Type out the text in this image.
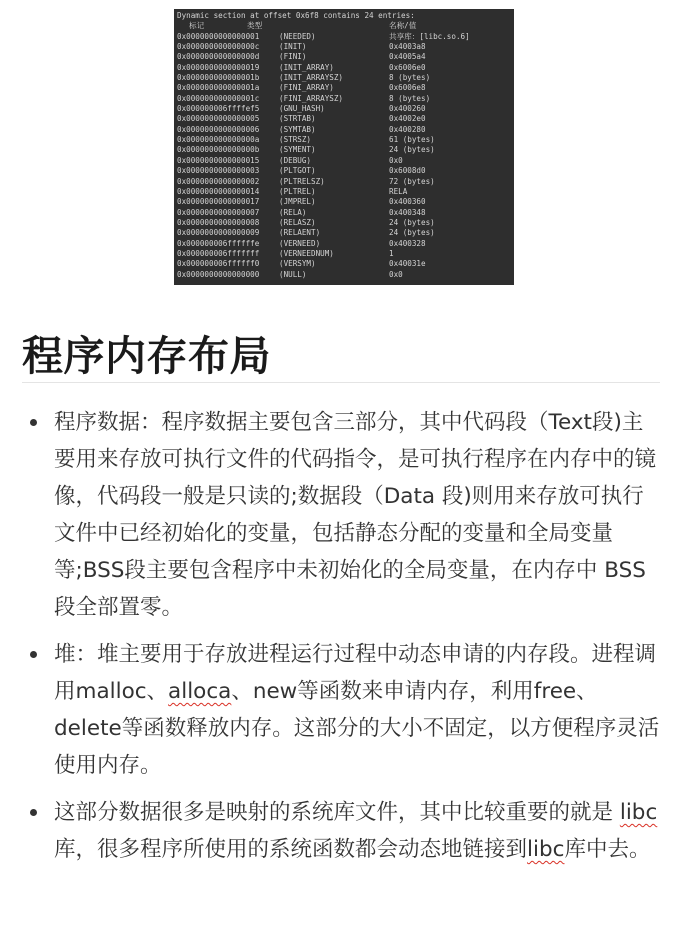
Dynamic section at offset 0x6f8 contains 24 entries:
标记	类型	名称/值
0x0000000000000001	(NEEDED)	共享库：[libc.so.6]
0x000000000000000c	(INIT)	0x4003a8
0x000000000000000d	(FINI)	0x4005a4
0x0000000000000019	(INIT_ARRAY)	0x6006e0
0x000000000000001b	(INIT_ARRAYSZ)	8 (bytes)
0x000000000000001a	(FINI_ARRAY)	0x6006e8
0x000000000000001c	(FINI_ARRAYSZ)	8 (bytes)
0x000000006ffffef5	(GNU_HASH)	0x400260
0x0000000000000005	(STRTAB)	0x4002e0
0x0000000000000006	(SYMTAB)	0x400280
0x000000000000000a	(STRSZ)	61 (bytes)
0x000000000000000b	(SYMENT)	24 (bytes)
0x0000000000000015	(DEBUG)	0x0
0x0000000000000003	(PLTGOT)	0x6008d0
0x0000000000000002	(PLTRELSZ)	72 (bytes)
0x0000000000000014	(PLTREL)	RELA
0x0000000000000017	(JMPREL)	0x400360
0x0000000000000007	(RELA)	0x400348
0x0000000000000008	(RELASZ)	24 (bytes)
0x0000000000000009	(RELAENT)	24 (bytes)
0x000000006ffffffe	(VERNEED)	0x400328
0x000000006fffffff	(VERNEEDNUM)	1
0x000000006ffffff0	(VERSYM)	0x40031e
0x0000000000000000	(NULL)	0x0
程序内存布局
程序数据：程序数据主要包含三部分，其中代码段（Text段)主要用来存放可执行文件的代码指令，是可执行程序在内存中的镜像，代码段一般是只读的;数据段（Data 段)则用来存放可执行文件中已经初始化的变量，包括静态分配的变量和全局变量等;BSS段主要包含程序中未初始化的全局变量，在内存中 BSS 段全部置零。
堆：堆主要用于存放进程运行过程中动态申请的内存段。进程调用malloc、alloca、new等函数来申请内存，利用free、delete等函数释放内存。这部分的大小不固定，以方便程序灵活使用内存。
这部分数据很多是映射的系统库文件，其中比较重要的就是 libc库，很多程序所使用的系统函数都会动态地链接到libc库中去。
